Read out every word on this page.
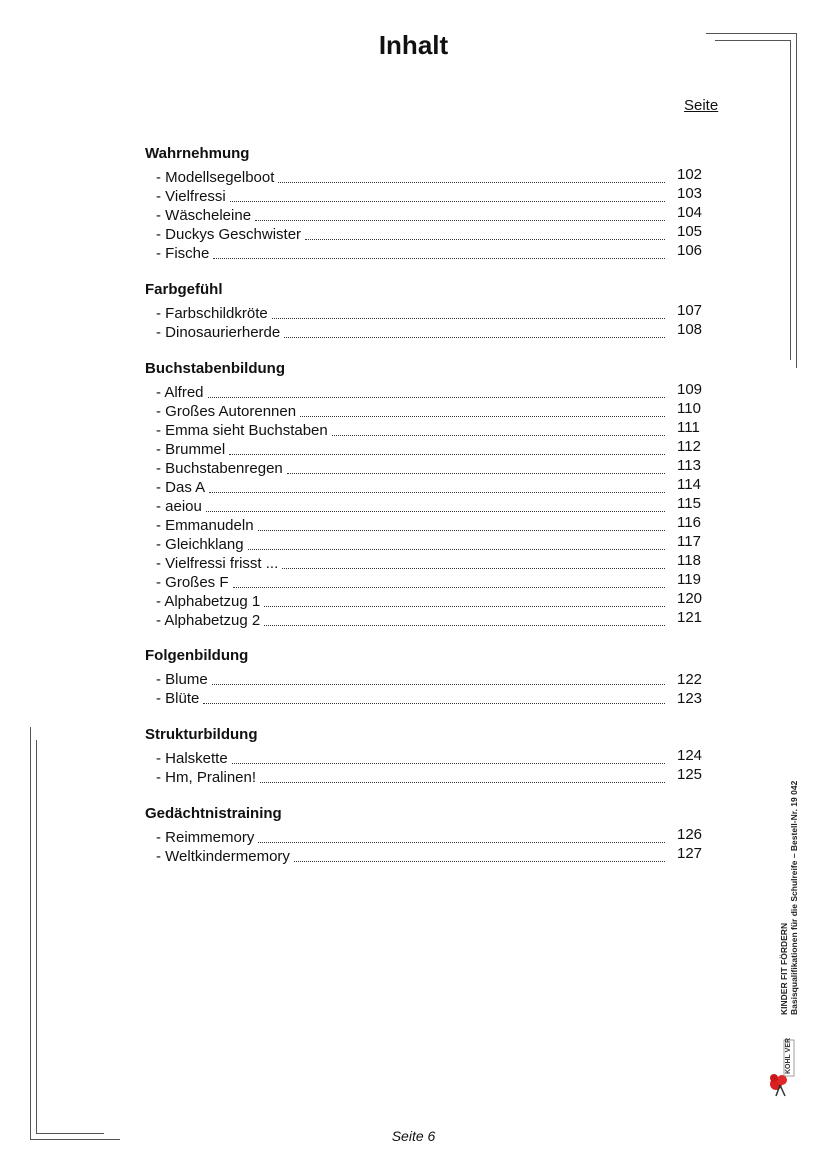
Inhalt
Seite
Wahrnehmung
- Modellsegelboot	102
- Vielfressi	103
- Wäscheleine	104
- Duckys Geschwister	105
- Fische	106
Farbgefühl
- Farbschildkröte	107
- Dinosaurierherde	108
Buchstabenbildung
- Alfred	109
- Großes Autorennen	110
- Emma sieht Buchstaben	111
- Brummel	112
- Buchstabenregen	113
- Das A	114
- aeiou	115
- Emmanudeln	116
- Gleichklang	117
- Vielfressi frisst ...	118
- Großes F	119
- Alphabetzug 1	120
- Alphabetzug 2	121
Folgenbildung
- Blume	122
- Blüte	123
Strukturbildung
- Halskette	124
- Hm, Pralinen!	125
Gedächtnistraining
- Reimmemory	126
- Weltkindermemory	127
KINDER FIT FÖRDERN Basisqualifikationen für die Schulreife – Bestell-Nr. 19 042
KOHL VERLAG
Seite 6
